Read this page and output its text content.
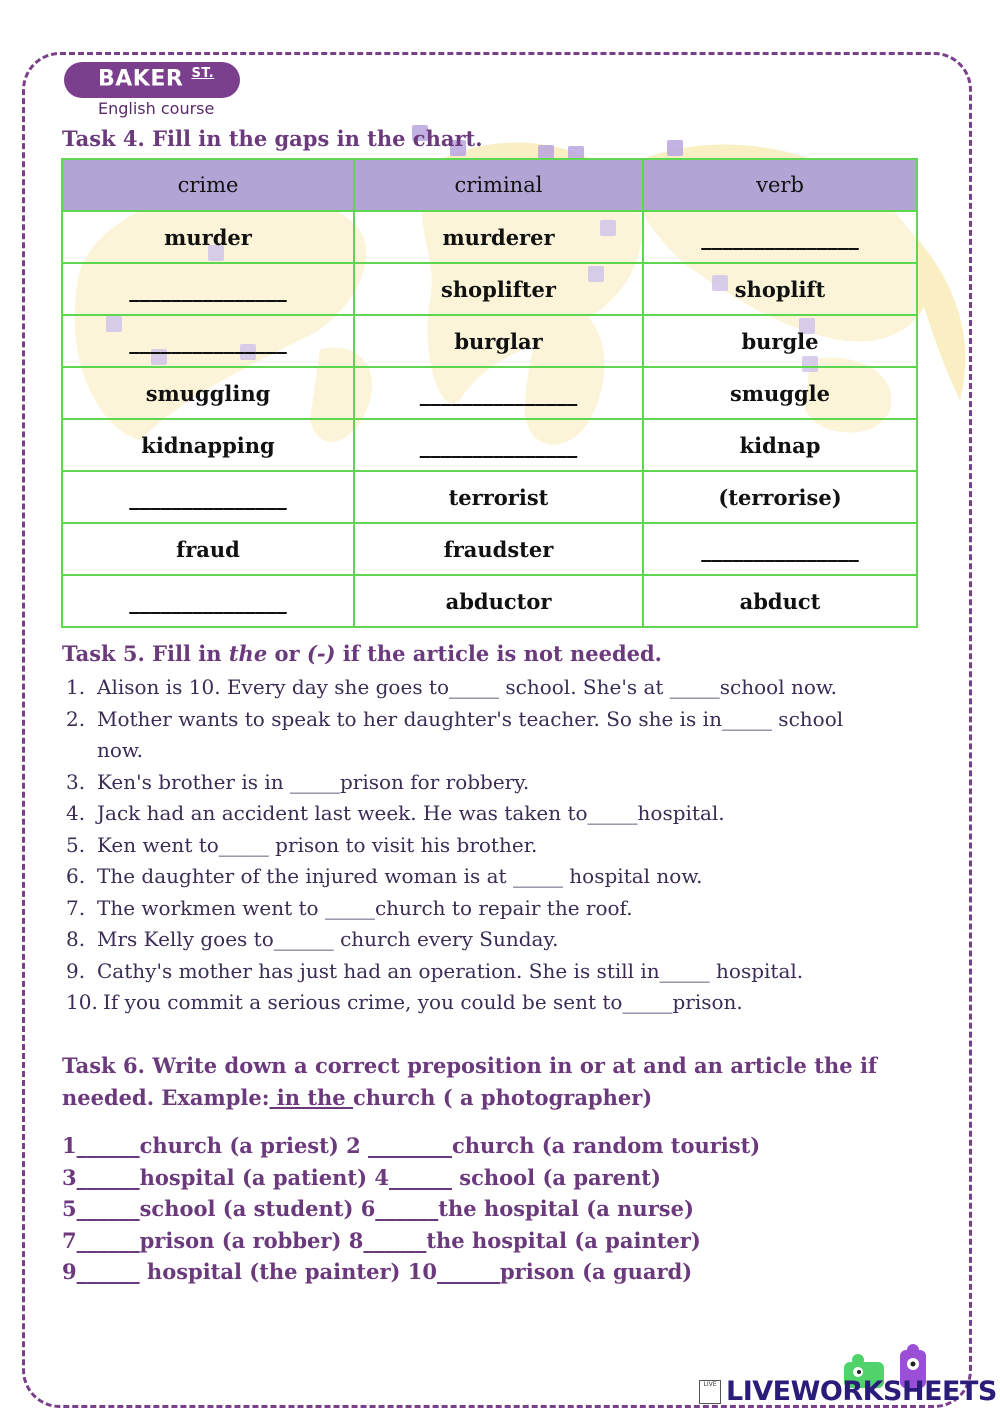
BAKER $^{ST.}$
English course
Task 4. Fill in the gaps in the chart.
crime	criminal	verb
murder	murderer	_______________
_______________	shoplifter	shoplift
_______________	burglar	burgle
smuggling	_______________	smuggle
kidnapping	_______________	kidnap
_______________	terrorist	(terrorise)
fraud	fraudster	_______________
_______________	abductor	abduct
Task 5. Fill in the or (-) if the article is not needed.
1. Alison is 10. Every day she goes to_____ school. She's at _____school now.
2. Mother wants to speak to her daughter's teacher. So she is in_____ school now.
3. Ken's brother is in _____prison for robbery.
4. Jack had an accident last week. He was taken to_____hospital.
5. Ken went to_____ prison to visit his brother.
6. The daughter of the injured woman is at _____ hospital now.
7. The workmen went to _____church to repair the roof.
8. Mrs Kelly goes to______ church every Sunday.
9. Cathy's mother has just had an operation. She is still in_____ hospital.
10. If you commit a serious crime, you could be sent to_____prison.
Task 6. Write down a correct preposition in or at and an article the if needed. Example: in the church ( a photographer)
1______church (a priest) 2 ________church (a random tourist)
3______hospital (a patient) 4______ school (a parent)
5______school (a student) 6______the hospital (a nurse)
7______prison (a robber) 8______the hospital (a painter)
9______ hospital (the painter) 10______prison (a guard)
LIVE LIVEWORKSHEETS
